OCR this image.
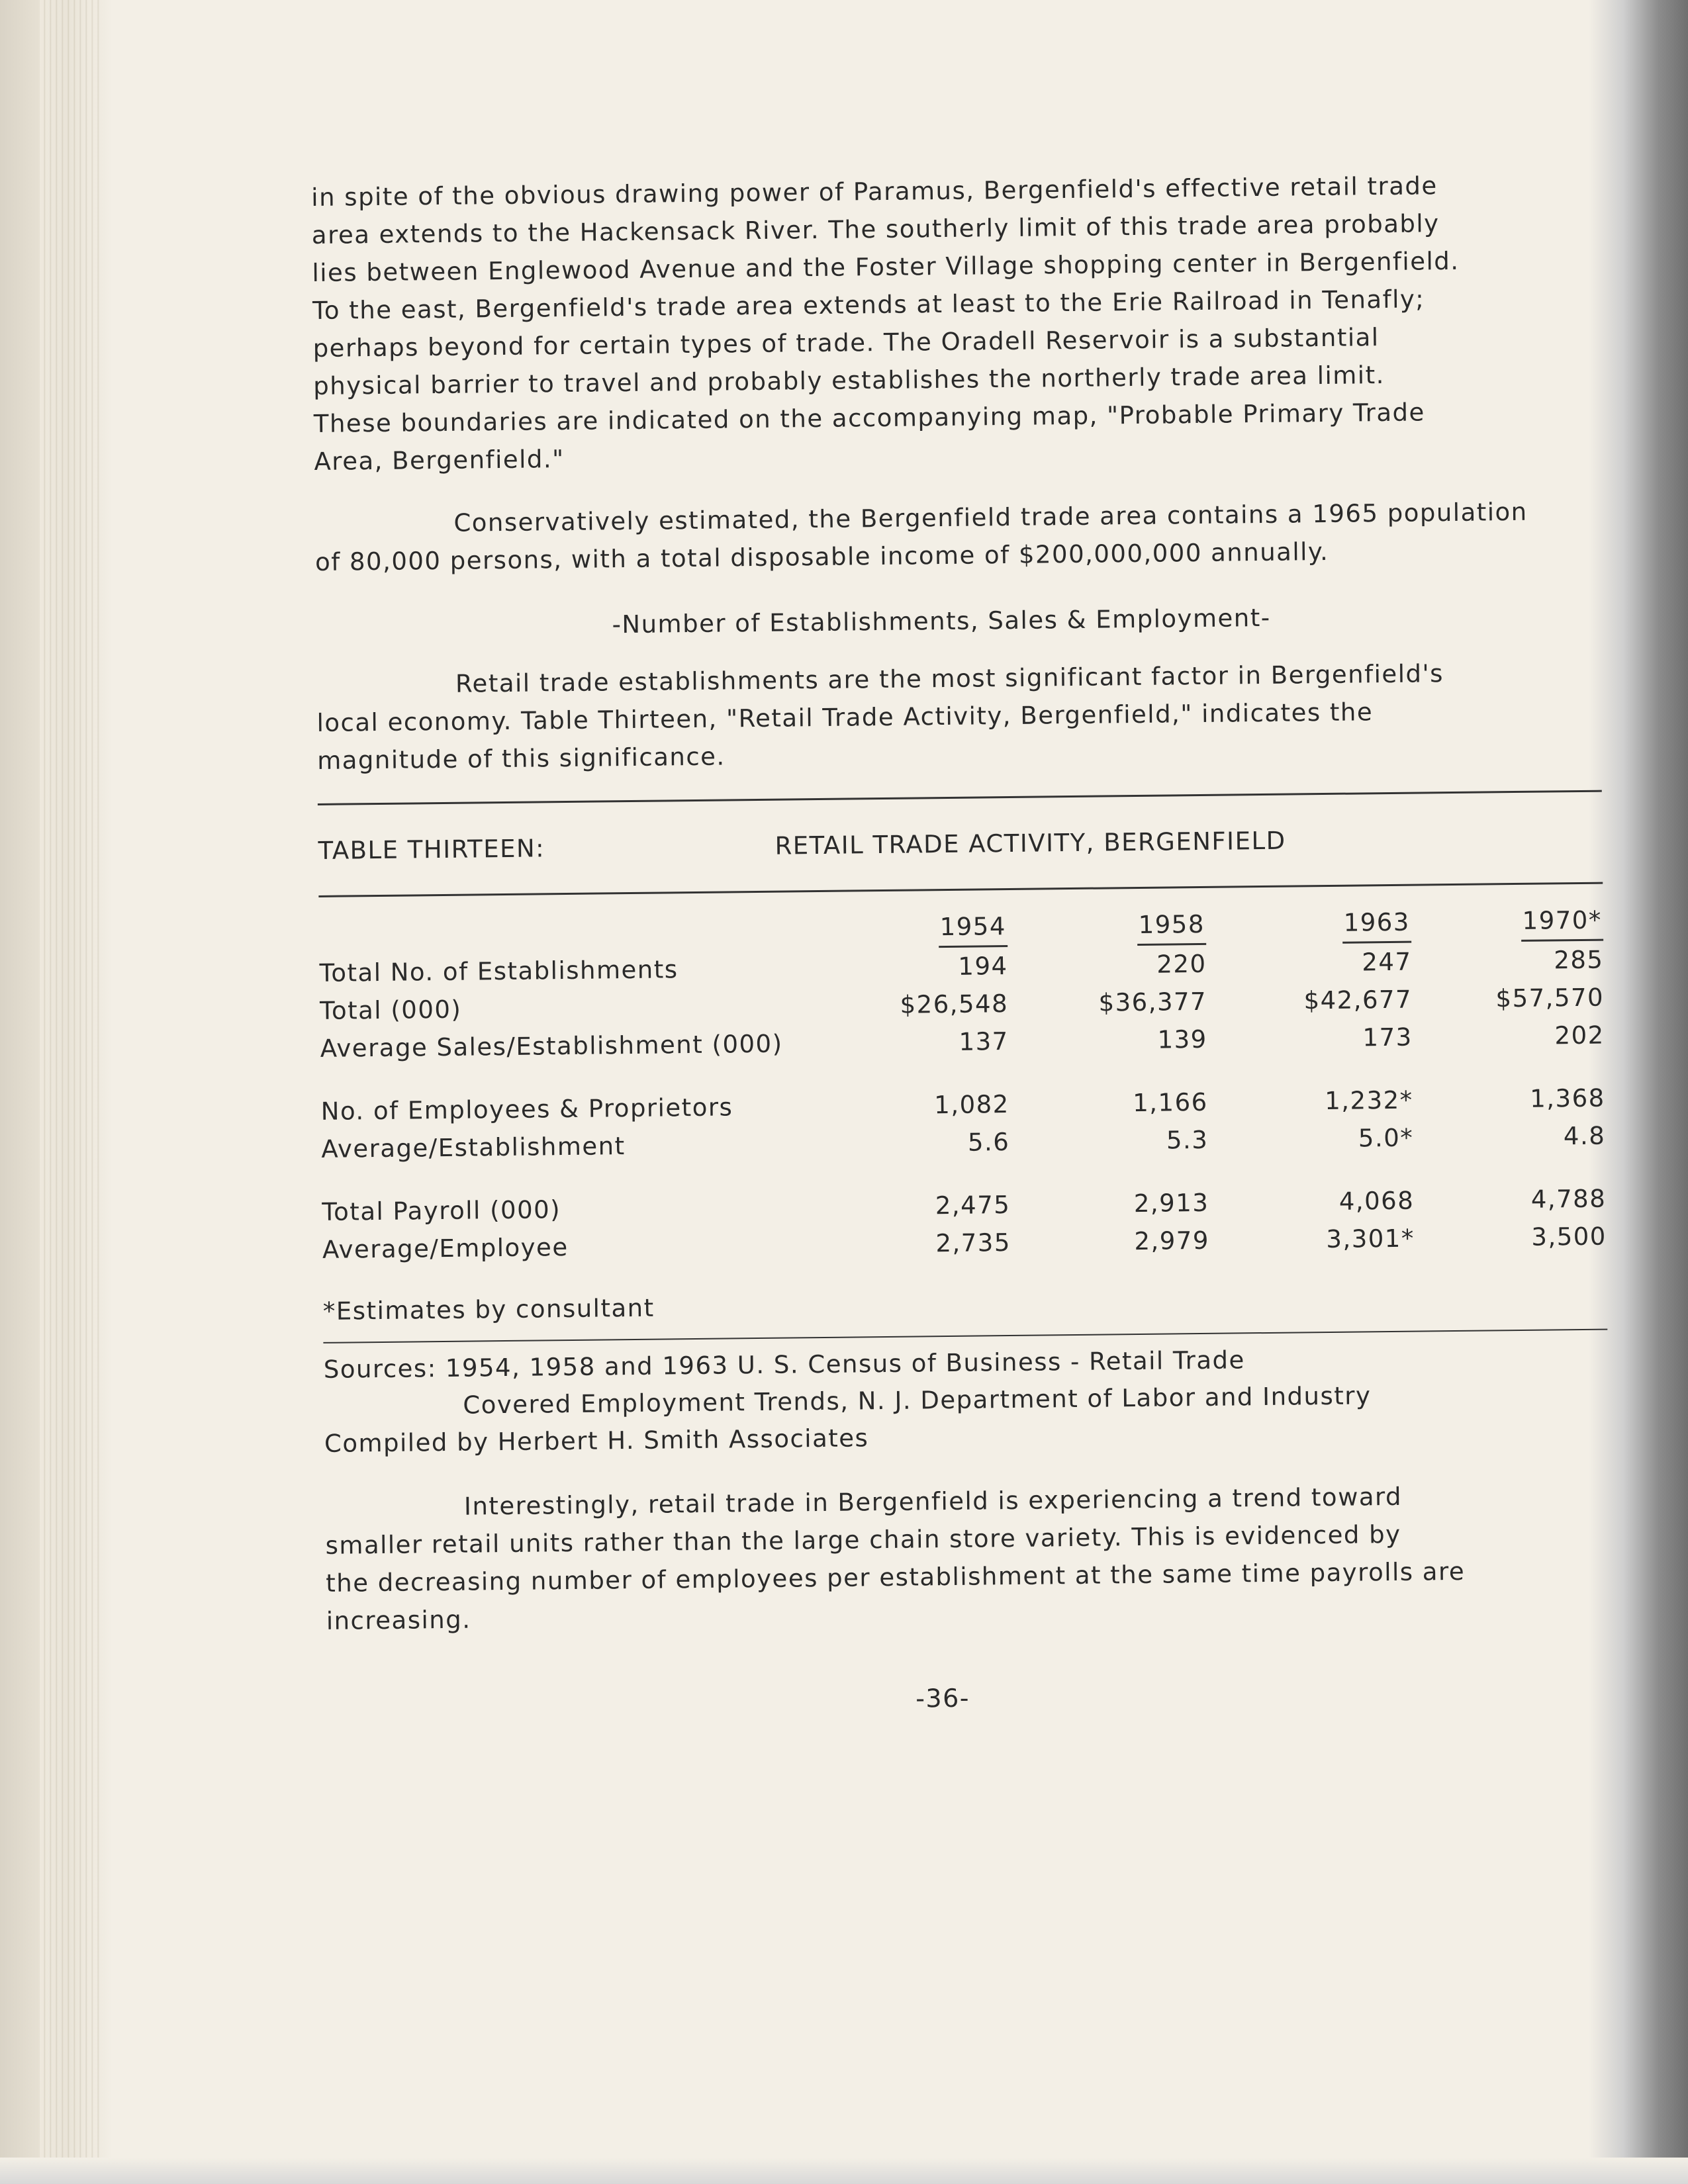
in spite of the obvious drawing power of Paramus, Bergenfield's effective retail trade
area extends to the Hackensack River. The southerly limit of this trade area probably
lies between Englewood Avenue and the Foster Village shopping center in Bergenfield.
To the east, Bergenfield's trade area extends at least to the Erie Railroad in Tenafly;
perhaps beyond for certain types of trade. The Oradell Reservoir is a substantial
physical barrier to travel and probably establishes the northerly trade area limit.
These boundaries are indicated on the accompanying map, "Probable Primary Trade
Area, Bergenfield."

Conservatively estimated, the Bergenfield trade area contains a 1965 population
of 80,000 persons, with a total disposable income of $200,000,000 annually.

-Number of Establishments, Sales & Employment-

Retail trade establishments are the most significant factor in Bergenfield's
local economy. Table Thirteen, "Retail Trade Activity, Bergenfield," indicates the
magnitude of this significance.

TABLE THIRTEEN:	RETAIL TRADE ACTIVITY, BERGENFIELD
	1954	1958	1963	1970*
Total No. of Establishments	194	220	247	285
Total (000)	$26,548	$36,377	$42,677	$57,570
Average Sales/Establishment (000)	137	139	173	202

No. of Employees & Proprietors	1,082	1,166	1,232*	1,368
Average/Establishment	5.6	5.3	5.0*	4.8

Total Payroll (000)	2,475	2,913	4,068	4,788
Average/Employee	2,735	2,979	3,301*	3,500
*Estimates by consultant
Sources: 1954, 1958 and 1963 U. S. Census of Business - Retail Trade
Covered Employment Trends, N. J. Department of Labor and Industry
Compiled by Herbert H. Smith Associates

Interestingly, retail trade in Bergenfield is experiencing a trend toward
smaller retail units rather than the large chain store variety. This is evidenced by
the decreasing number of employees per establishment at the same time payrolls are
increasing.

-36-
